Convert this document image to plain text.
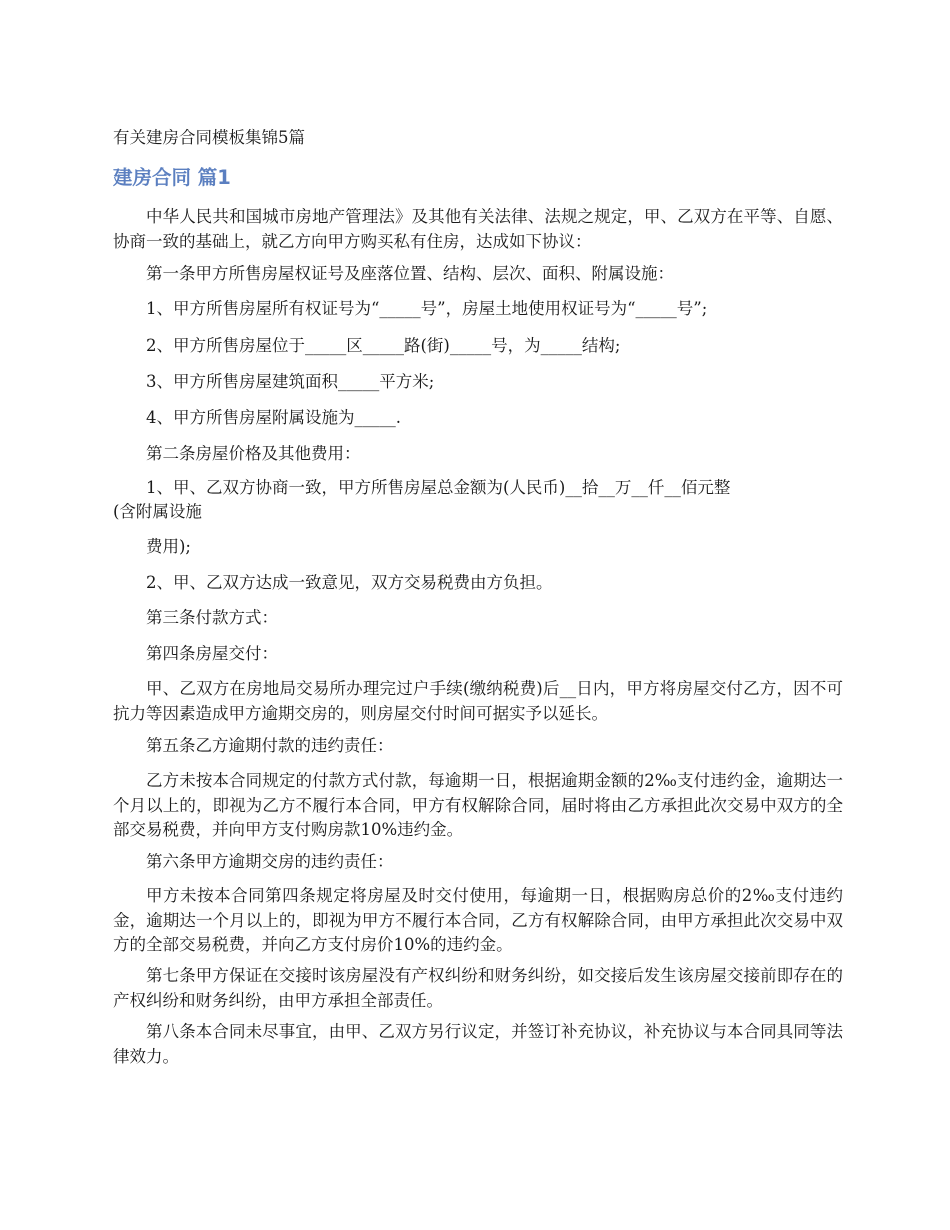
有关建房合同模板集锦5篇
建房合同 篇1
中华人民共和国城市房地产管理法》及其他有关法律、法规之规定，甲、乙双方在平等、自愿、协商一致的基础上，就乙方向甲方购买私有住房，达成如下协议：
第一条甲方所售房屋权证号及座落位置、结构、层次、面积、附属设施：
1、甲方所售房屋所有权证号为“_____号”，房屋土地使用权证号为“_____号”;
2、甲方所售房屋位于_____区_____路(街)_____号，为_____结构;
3、甲方所售房屋建筑面积_____平方米;
4、甲方所售房屋附属设施为_____.
第二条房屋价格及其他费用：
1、甲、乙双方协商一致，甲方所售房屋总金额为(人民币)__拾__万__仟__佰元整
(含附属设施
费用);
2、甲、乙双方达成一致意见，双方交易税费由方负担。
第三条付款方式：
第四条房屋交付：
甲、乙双方在房地局交易所办理完过户手续(缴纳税费)后__日内，甲方将房屋交付乙方，因不可抗力等因素造成甲方逾期交房的，则房屋交付时间可据实予以延长。
第五条乙方逾期付款的违约责任：
乙方未按本合同规定的付款方式付款，每逾期一日，根据逾期金额的2‰支付违约金，逾期达一个月以上的，即视为乙方不履行本合同，甲方有权解除合同，届时将由乙方承担此次交易中双方的全部交易税费，并向甲方支付购房款10%违约金。
第六条甲方逾期交房的违约责任：
甲方未按本合同第四条规定将房屋及时交付使用，每逾期一日，根据购房总价的2‰支付违约金，逾期达一个月以上的，即视为甲方不履行本合同，乙方有权解除合同，由甲方承担此次交易中双方的全部交易税费，并向乙方支付房价10%的违约金。
第七条甲方保证在交接时该房屋没有产权纠纷和财务纠纷，如交接后发生该房屋交接前即存在的产权纠纷和财务纠纷，由甲方承担全部责任。
第八条本合同未尽事宜，由甲、乙双方另行议定，并签订补充协议，补充协议与本合同具同等法律效力。
